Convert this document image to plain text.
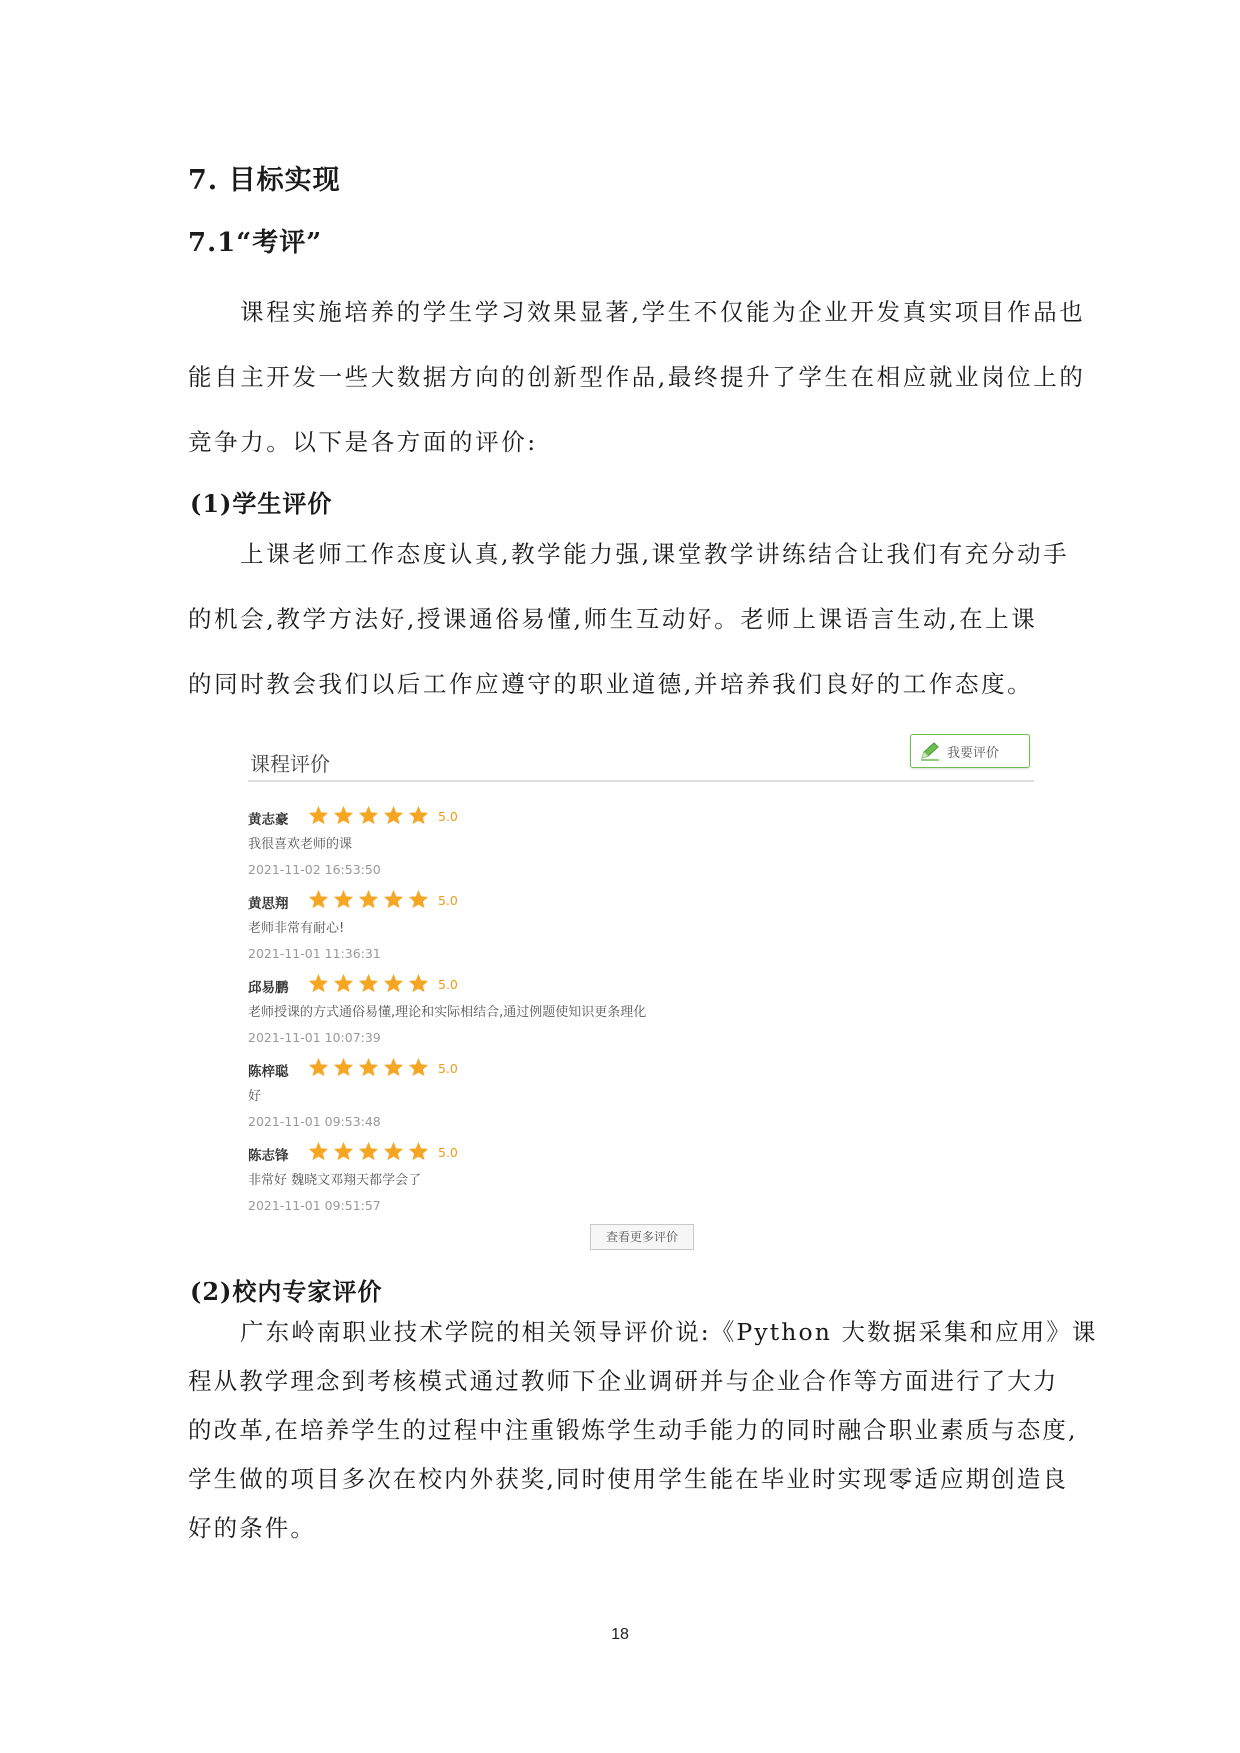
7. 目标实现
7.1“考评”

课程实施培养的学生学习效果显著,学生不仅能为企业开发真实项目作品也

能自主开发一些大数据方向的创新型作品,最终提升了学生在相应就业岗位上的

竞争力。以下是各方面的评价:

(1)学生评价

上课老师工作态度认真,教学能力强,课堂教学讲练结合让我们有充分动手

的机会,教学方法好,授课通俗易懂,师生互动好。老师上课语言生动,在上课

的同时教会我们以后工作应遵守的职业道德,并培养我们良好的工作态度。

课程评价	我要评价
黄志豪	5.0
我很喜欢老师的课
2021-11-02 16:53:50
黄思翔	5.0
老师非常有耐心!
2021-11-01 11:36:31
邱易鹏	5.0
老师授课的方式通俗易懂,理论和实际相结合,通过例题使知识更条理化
2021-11-01 10:07:39
陈梓聪	5.0
好
2021-11-01 09:53:48
陈志锋	5.0
非常好 魏晓文邓翔天都学会了
2021-11-01 09:51:57
查看更多评价
(2)校内专家评价

广东岭南职业技术学院的相关领导评价说:《Python 大数据采集和应用》课

程从教学理念到考核模式通过教师下企业调研并与企业合作等方面进行了大力

的改革,在培养学生的过程中注重锻炼学生动手能力的同时融合职业素质与态度,

学生做的项目多次在校内外获奖,同时使用学生能在毕业时实现零适应期创造良

好的条件。

18
